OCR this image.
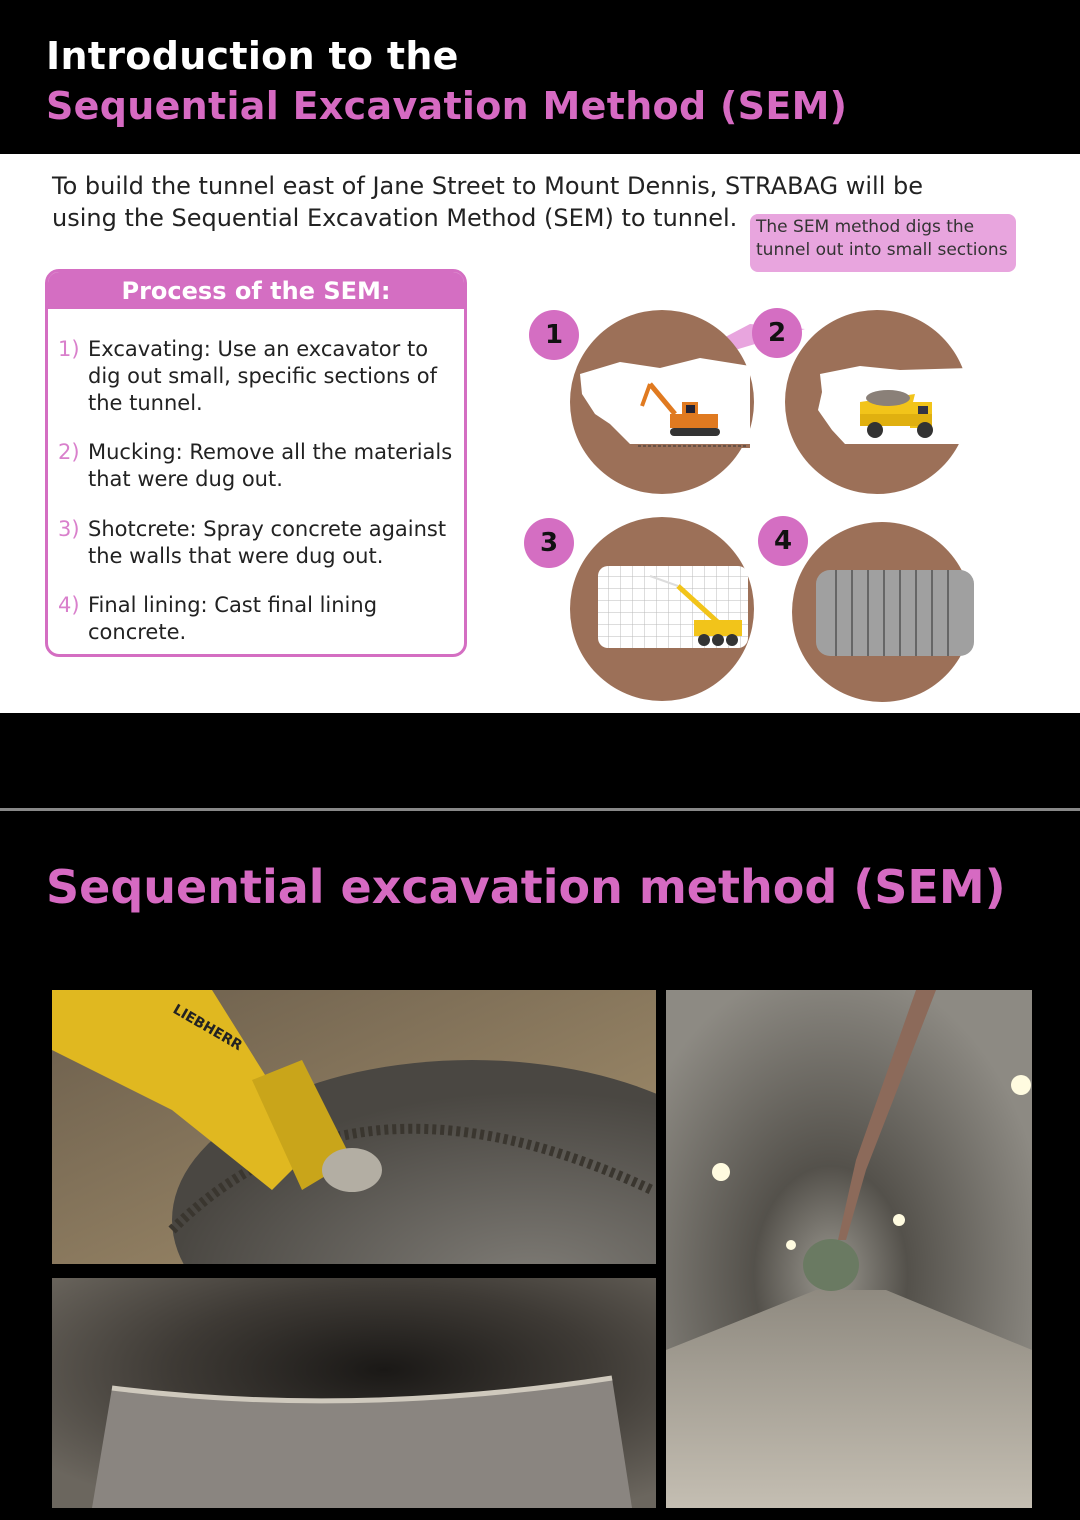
Introduction to the
Sequential Excavation Method (SEM)
To build the tunnel east of Jane Street to Mount Dennis, STRABAG will be using the Sequential Excavation Method (SEM) to tunnel.	The SEM method digs the tunnel out into small sections
Process of the SEM:
1) Excavating: Use an excavator to dig out small, specific sections of the tunnel.
2) Mucking: Remove all the materials that were dug out.
3) Shotcrete: Spray concrete against the walls that were dug out.
4) Final lining: Cast final lining concrete.
1	2
3	4
Sequential excavation method (SEM)
LIEBHERR
